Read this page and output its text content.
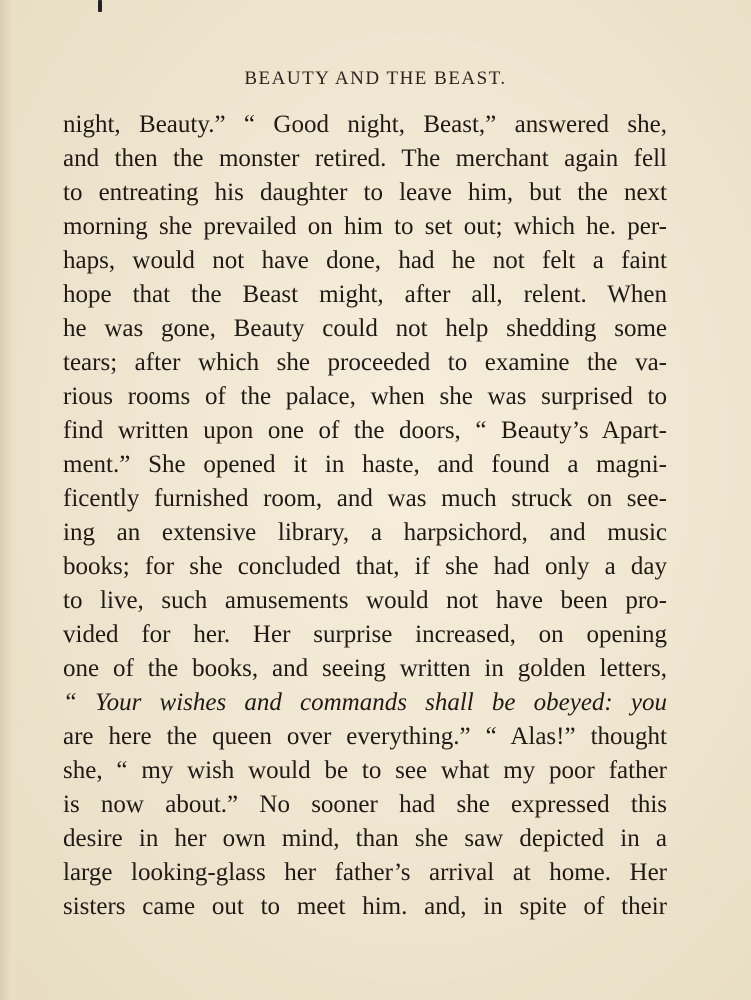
BEAUTY AND THE BEAST.
night, Beauty.” “ Good night, Beast,” answered she,
and then the monster retired. The merchant again fell
to entreating his daughter to leave him, but the next
morning she prevailed on him to set out; which he. per-
haps, would not have done, had he not felt a faint
hope that the Beast might, after all, relent. When
he was gone, Beauty could not help shedding some
tears; after which she proceeded to examine the va-
rious rooms of the palace, when she was surprised to
find written upon one of the doors, “ Beauty’s Apart-
ment.” She opened it in haste, and found a magni-
ficently furnished room, and was much struck on see-
ing an extensive library, a harpsichord, and music
books; for she concluded that, if she had only a day
to live, such amusements would not have been pro-
vided for her. Her surprise increased, on opening
one of the books, and seeing written in golden letters,
“ Your wishes and commands shall be obeyed: you
are here the queen over everything.” “ Alas!” thought
she, “ my wish would be to see what my poor father
is now about.” No sooner had she expressed this
desire in her own mind, than she saw depicted in a
large looking-glass her father’s arrival at home. Her
sisters came out to meet him. and, in spite of their
